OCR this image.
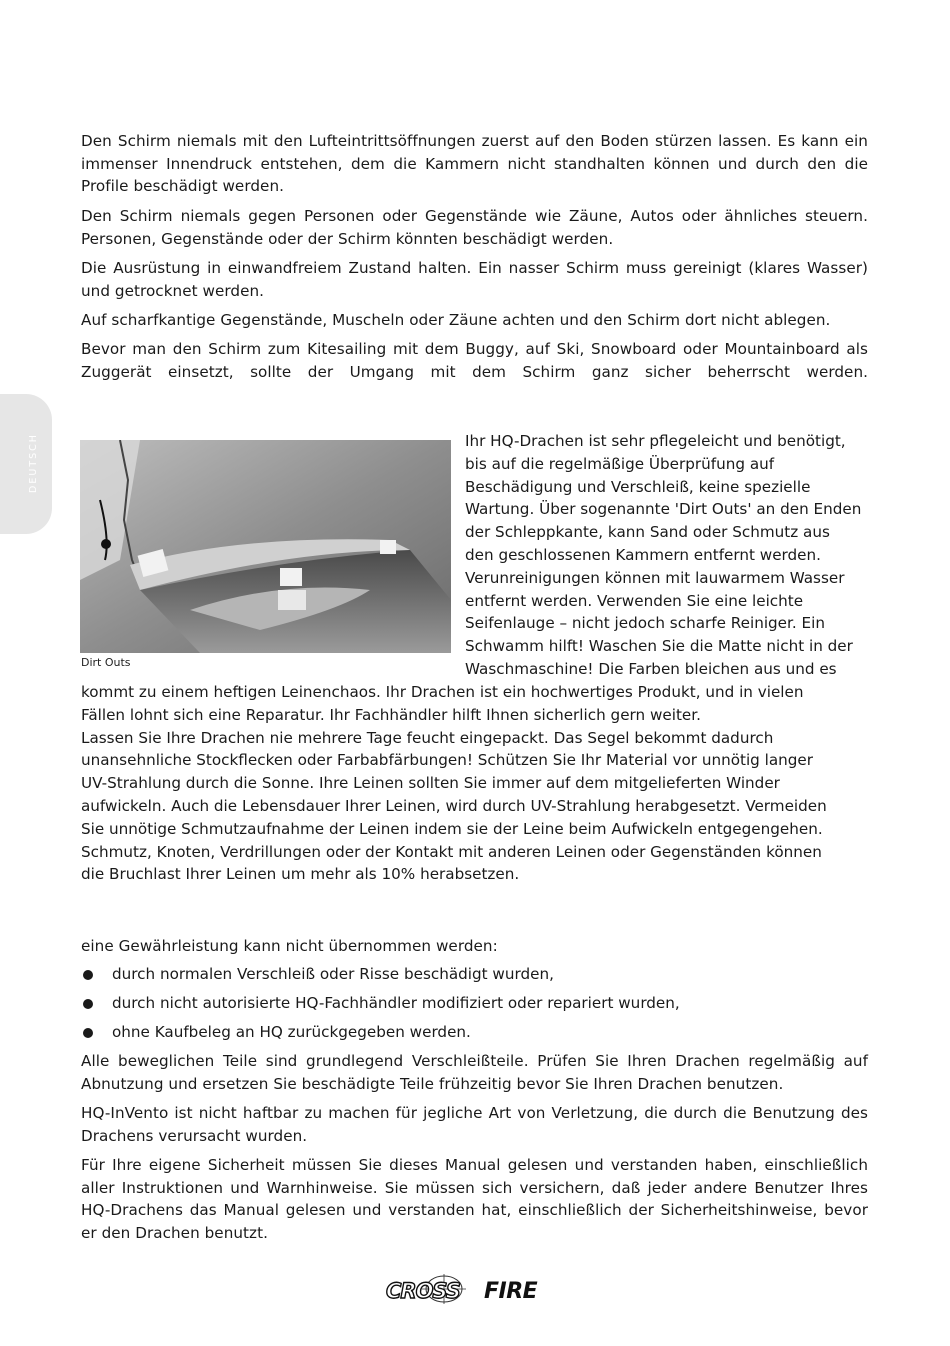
DEUTSCH

Den Schirm niemals mit den Lufteintrittsöffnungen zuerst auf den Boden stürzen lassen. Es kann ein immenser Innendruck entstehen, dem die Kammern nicht standhalten können und durch den die Profile beschädigt werden.

Den Schirm niemals gegen Personen oder Gegenstände wie Zäune, Autos oder ähnliches steuern. Personen, Gegenstände oder der Schirm könnten beschädigt werden.

Die Ausrüstung in einwandfreiem Zustand halten. Ein nasser Schirm muss gereinigt (klares Wasser) und getrocknet werden.

Auf scharfkantige Gegenstände, Muscheln oder Zäune achten und den Schirm dort nicht ablegen.

Bevor man den Schirm zum Kitesailing mit dem Buggy, auf Ski, Snowboard oder Mountainboard als Zuggerät einsetzt, sollte der Umgang mit dem Schirm ganz sicher beherrscht werden.

Dirt Outs
Ihr HQ-Drachen ist sehr pflegeleicht und benötigt,
bis auf die regelmäßige Überprüfung auf
Beschädigung und Verschleiß, keine spezielle
Wartung. Über sogenannte 'Dirt Outs' an den Enden
der Schleppkante, kann Sand oder Schmutz aus
den geschlossenen Kammern entfernt werden.
Verunreinigungen können mit lauwarmem Wasser
entfernt werden. Verwenden Sie eine leichte
Seifenlauge – nicht jedoch scharfe Reiniger. Ein
Schwamm hilft! Waschen Sie die Matte nicht in der
Waschmaschine! Die Farben bleichen aus und es
kommt zu einem heftigen Leinenchaos. Ihr Drachen ist ein hochwertiges Produkt, und in vielen
Fällen lohnt sich eine Reparatur. Ihr Fachhändler hilft Ihnen sicherlich gern weiter.
Lassen Sie Ihre Drachen nie mehrere Tage feucht eingepackt. Das Segel bekommt dadurch
unansehnliche Stockflecken oder Farbabfärbungen! Schützen Sie Ihr Material vor unnötig langer
UV-Strahlung durch die Sonne. Ihre Leinen sollten Sie immer auf dem mitgelieferten Winder
aufwickeln. Auch die Lebensdauer Ihrer Leinen, wird durch UV-Strahlung herabgesetzt. Vermeiden
Sie unnötige Schmutzaufnahme der Leinen indem sie der Leine beim Aufwickeln entgegengehen.
Schmutz, Knoten, Verdrillungen oder der Kontakt mit anderen Leinen oder Gegenständen können
die Bruchlast Ihrer Leinen um mehr als 10% herabsetzen.

eine Gewährleistung kann nicht übernommen werden:

durch normalen Verschleiß oder Risse beschädigt wurden,
durch nicht autorisierte HQ-Fachhändler modifiziert oder repariert wurden,
ohne Kaufbeleg an HQ zurückgegeben werden.

Alle beweglichen Teile sind grundlegend Verschleißteile. Prüfen Sie Ihren Drachen regelmäßig auf Abnutzung und ersetzen Sie beschädigte Teile frühzeitig bevor Sie Ihren Drachen benutzen.

HQ-InVento ist nicht haftbar zu machen für jegliche Art von Verletzung, die durch die Benutzung des Drachens verursacht wurden.

Für Ihre eigene Sicherheit müssen Sie dieses Manual gelesen und verstanden haben, einschließlich aller Instruktionen und Warnhinweise. Sie müssen sich versichern, daß jeder andere Benutzer Ihres HQ-Drachens das Manual gelesen und verstanden hat, einschließlich der Sicherheitshinweise, bevor er den Drachen benutzt.

CROSS FIRE
